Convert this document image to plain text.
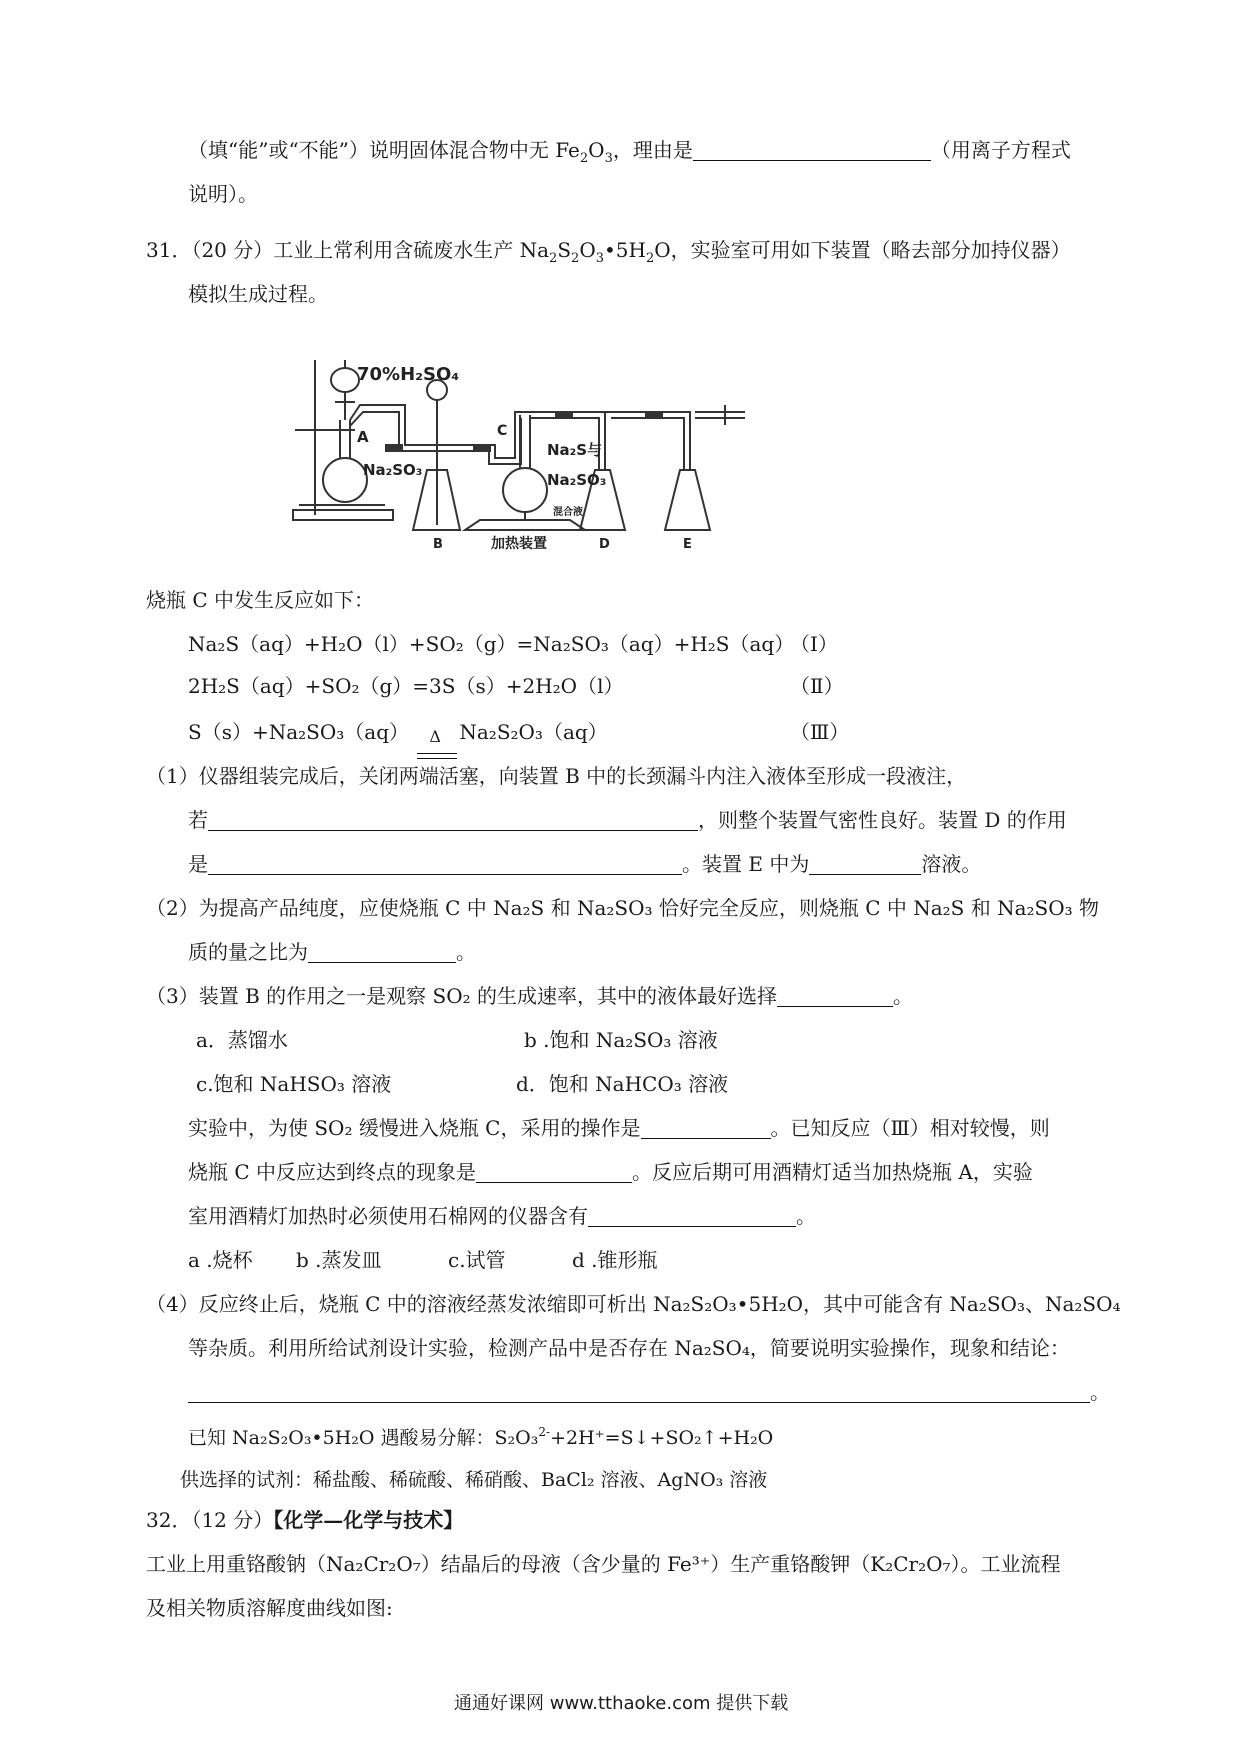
（填“能”或“不能”）说明固体混合物中无 $Fe_2O_3$，理由是	（用离子方程式
说明）。
31．（20 分）工业上常利用含硫废水生产 $Na_2S_2O_3•5H_2O$，实验室可用如下装置（略去部分加持仪器）
模拟生成过程。
70%H₂SO₄
A
Na₂SO₃
B
C
Na₂S与
Na₂SO₃
混合液
加热装置	D	E
烧瓶 C 中发生反应如下：
Na₂S（aq）+H₂O（l）+SO₂（g）=Na₂SO₃（aq）+H₂S（aq）
（Ⅰ）
2H₂S（aq）+SO₂（g）=3S（s）+2H₂O（l）	（Ⅱ）
S（s）+Na₂SO₃（aq） Δ Na₂S₂O₃（aq）	（Ⅲ）
（1）仪器组装完成后，关闭两端活塞，向装置 B 中的长颈漏斗内注入液体至形成一段液注，
若	，则整个装置气密性良好。装置 D 的作用
是	。装置 E 中为	溶液。
（2）为提高产品纯度，应使烧瓶 C 中 Na₂S 和 Na₂SO₃ 恰好完全反应，则烧瓶 C 中 Na₂S 和 Na₂SO₃ 物
质的量之比为	。
（3）装置 B 的作用之一是观察 SO₂ 的生成速率，其中的液体最好选择	。
a．蒸馏水	b .饱和 Na₂SO₃ 溶液
c.饱和 NaHSO₃ 溶液	d．饱和 NaHCO₃ 溶液
实验中，为使 SO₂ 缓慢进入烧瓶 C，采用的操作是	。已知反应（Ⅲ）相对较慢，则
烧瓶 C 中反应达到终点的现象是	。反应后期可用酒精灯适当加热烧瓶 A，实验
室用酒精灯加热时必须使用石棉网的仪器含有	。
a .烧杯 b .蒸发皿	c.试管	d .锥形瓶
（4）反应终止后，烧瓶 C 中的溶液经蒸发浓缩即可析出 Na₂S₂O₃•5H₂O，其中可能含有 Na₂SO₃、Na₂SO₄
等杂质。利用所给试剂设计实验，检测产品中是否存在 Na₂SO₄，简要说明实验操作，现象和结论：
。
已知 Na₂S₂O₃•5H₂O 遇酸易分解：S₂O₃$^{2-}$+2H⁺=S↓+SO₂↑+H₂O
供选择的试剂：稀盐酸、稀硫酸、稀硝酸、BaCl₂ 溶液、AgNO₃ 溶液
32．（12 分）【化学—化学与技术】
工业上用重铬酸钠（Na₂Cr₂O₇）结晶后的母液（含少量的 Fe³⁺）生产重铬酸钾（K₂Cr₂O₇）。工业流程
及相关物质溶解度曲线如图:
通通好课网 www.tthaoke.com 提供下载
